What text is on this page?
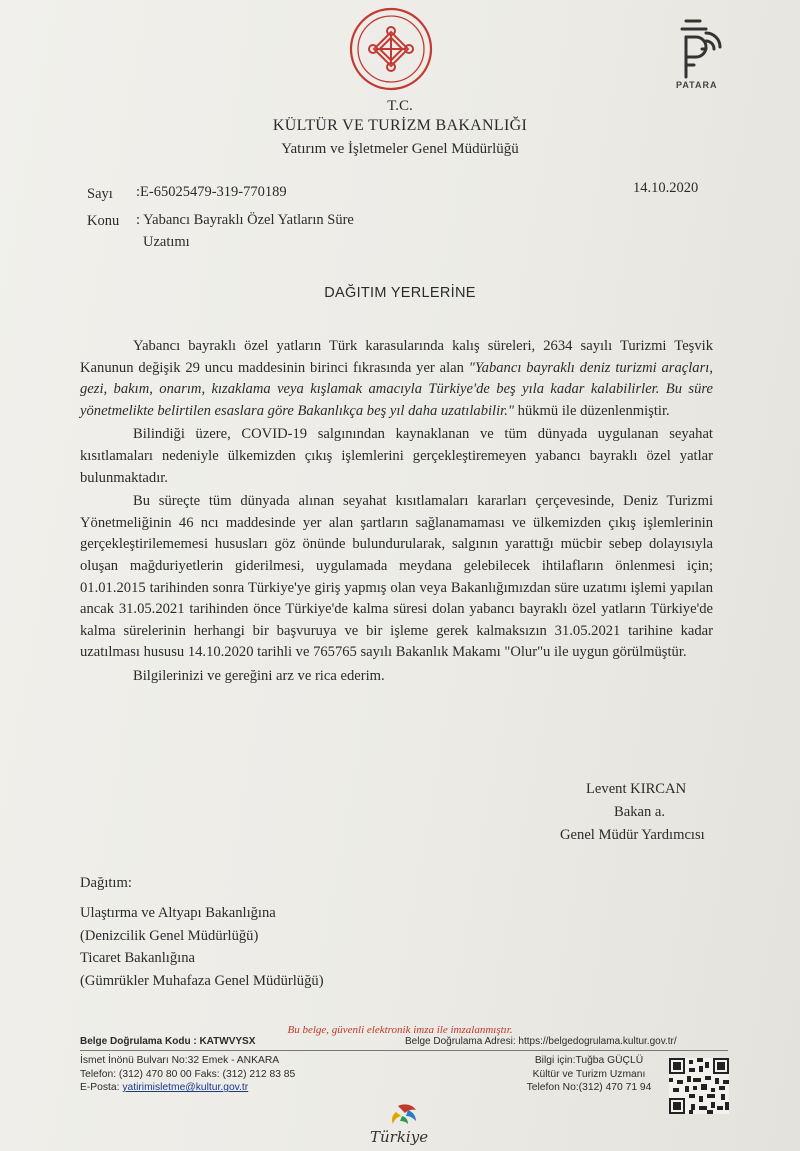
PATARA
T.C.
KÜLTÜR VE TURİZM BAKANLIĞI
Yatırım ve İşletmeler Genel Müdürlüğü
Sayı :E-65025479-319-770189	14.10.2020
Konu : Yabancı Bayraklı Özel Yatların Süre
Uzatımı
DAĞITIM YERLERİNE

Yabancı bayraklı özel yatların Türk karasularında kalış süreleri, 2634 sayılı Turizmi Teşvik Kanunun değişik 29 uncu maddesinin birinci fıkrasında yer alan "Yabancı bayraklı deniz turizmi araçları, gezi, bakım, onarım, kızaklama veya kışlamak amacıyla Türkiye'de beş yıla kadar kalabilirler. Bu süre yönetmelikte belirtilen esaslara göre Bakanlıkça beş yıl daha uzatılabilir." hükmü ile düzenlenmiştir.

Bilindiği üzere, COVID-19 salgınından kaynaklanan ve tüm dünyada uygulanan seyahat kısıtlamaları nedeniyle ülkemizden çıkış işlemlerini gerçekleştiremeyen yabancı bayraklı özel yatlar bulunmaktadır.

Bu süreçte tüm dünyada alınan seyahat kısıtlamaları kararları çerçevesinde, Deniz Turizmi Yönetmeliğinin 46 ncı maddesinde yer alan şartların sağlanamaması ve ülkemizden çıkış işlemlerinin gerçekleştirilememesi hususları göz önünde bulundurularak, salgının yarattığı mücbir sebep dolayısıyla oluşan mağduriyetlerin giderilmesi, uygulamada meydana gelebilecek ihtilafların önlenmesi için; 01.01.2015 tarihinden sonra Türkiye'ye giriş yapmış olan veya Bakanlığımızdan süre uzatımı işlemi yapılan ancak 31.05.2021 tarihinden önce Türkiye'de kalma süresi dolan yabancı bayraklı özel yatların Türkiye'de kalma sürelerinin herhangi bir başvuruya ve bir işleme gerek kalmaksızın 31.05.2021 tarihine kadar uzatılması hususu 14.10.2020 tarihli ve 765765 sayılı Bakanlık Makamı "Olur"u ile uygun görülmüştür.

Bilgilerinizi ve gereğini arz ve rica ederim.

Levent KIRCAN
Bakan a.
Genel Müdür Yardımcısı
Dağıtım:
Ulaştırma ve Altyapı Bakanlığına
(Denizcilik Genel Müdürlüğü)
Ticaret Bakanlığına
(Gümrükler Muhafaza Genel Müdürlüğü)
Bu belge, güvenli elektronik imza ile imzalanmıştır.
Belge Doğrulama Kodu : KATWVYSX	Belge Doğrulama Adresi: https://belgedogrulama.kultur.gov.tr/
İsmet İnönü Bulvarı No:32 Emek - ANKARA
Telefon: (312) 470 80 00 Faks: (312) 212 83 85
E-Posta: yatirimisletme@kultur.gov.tr
Bilgi için:Tuğba GÜÇLÜ
Kültür ve Turizm Uzmanı
Telefon No:(312) 470 71 94
Türkiye
